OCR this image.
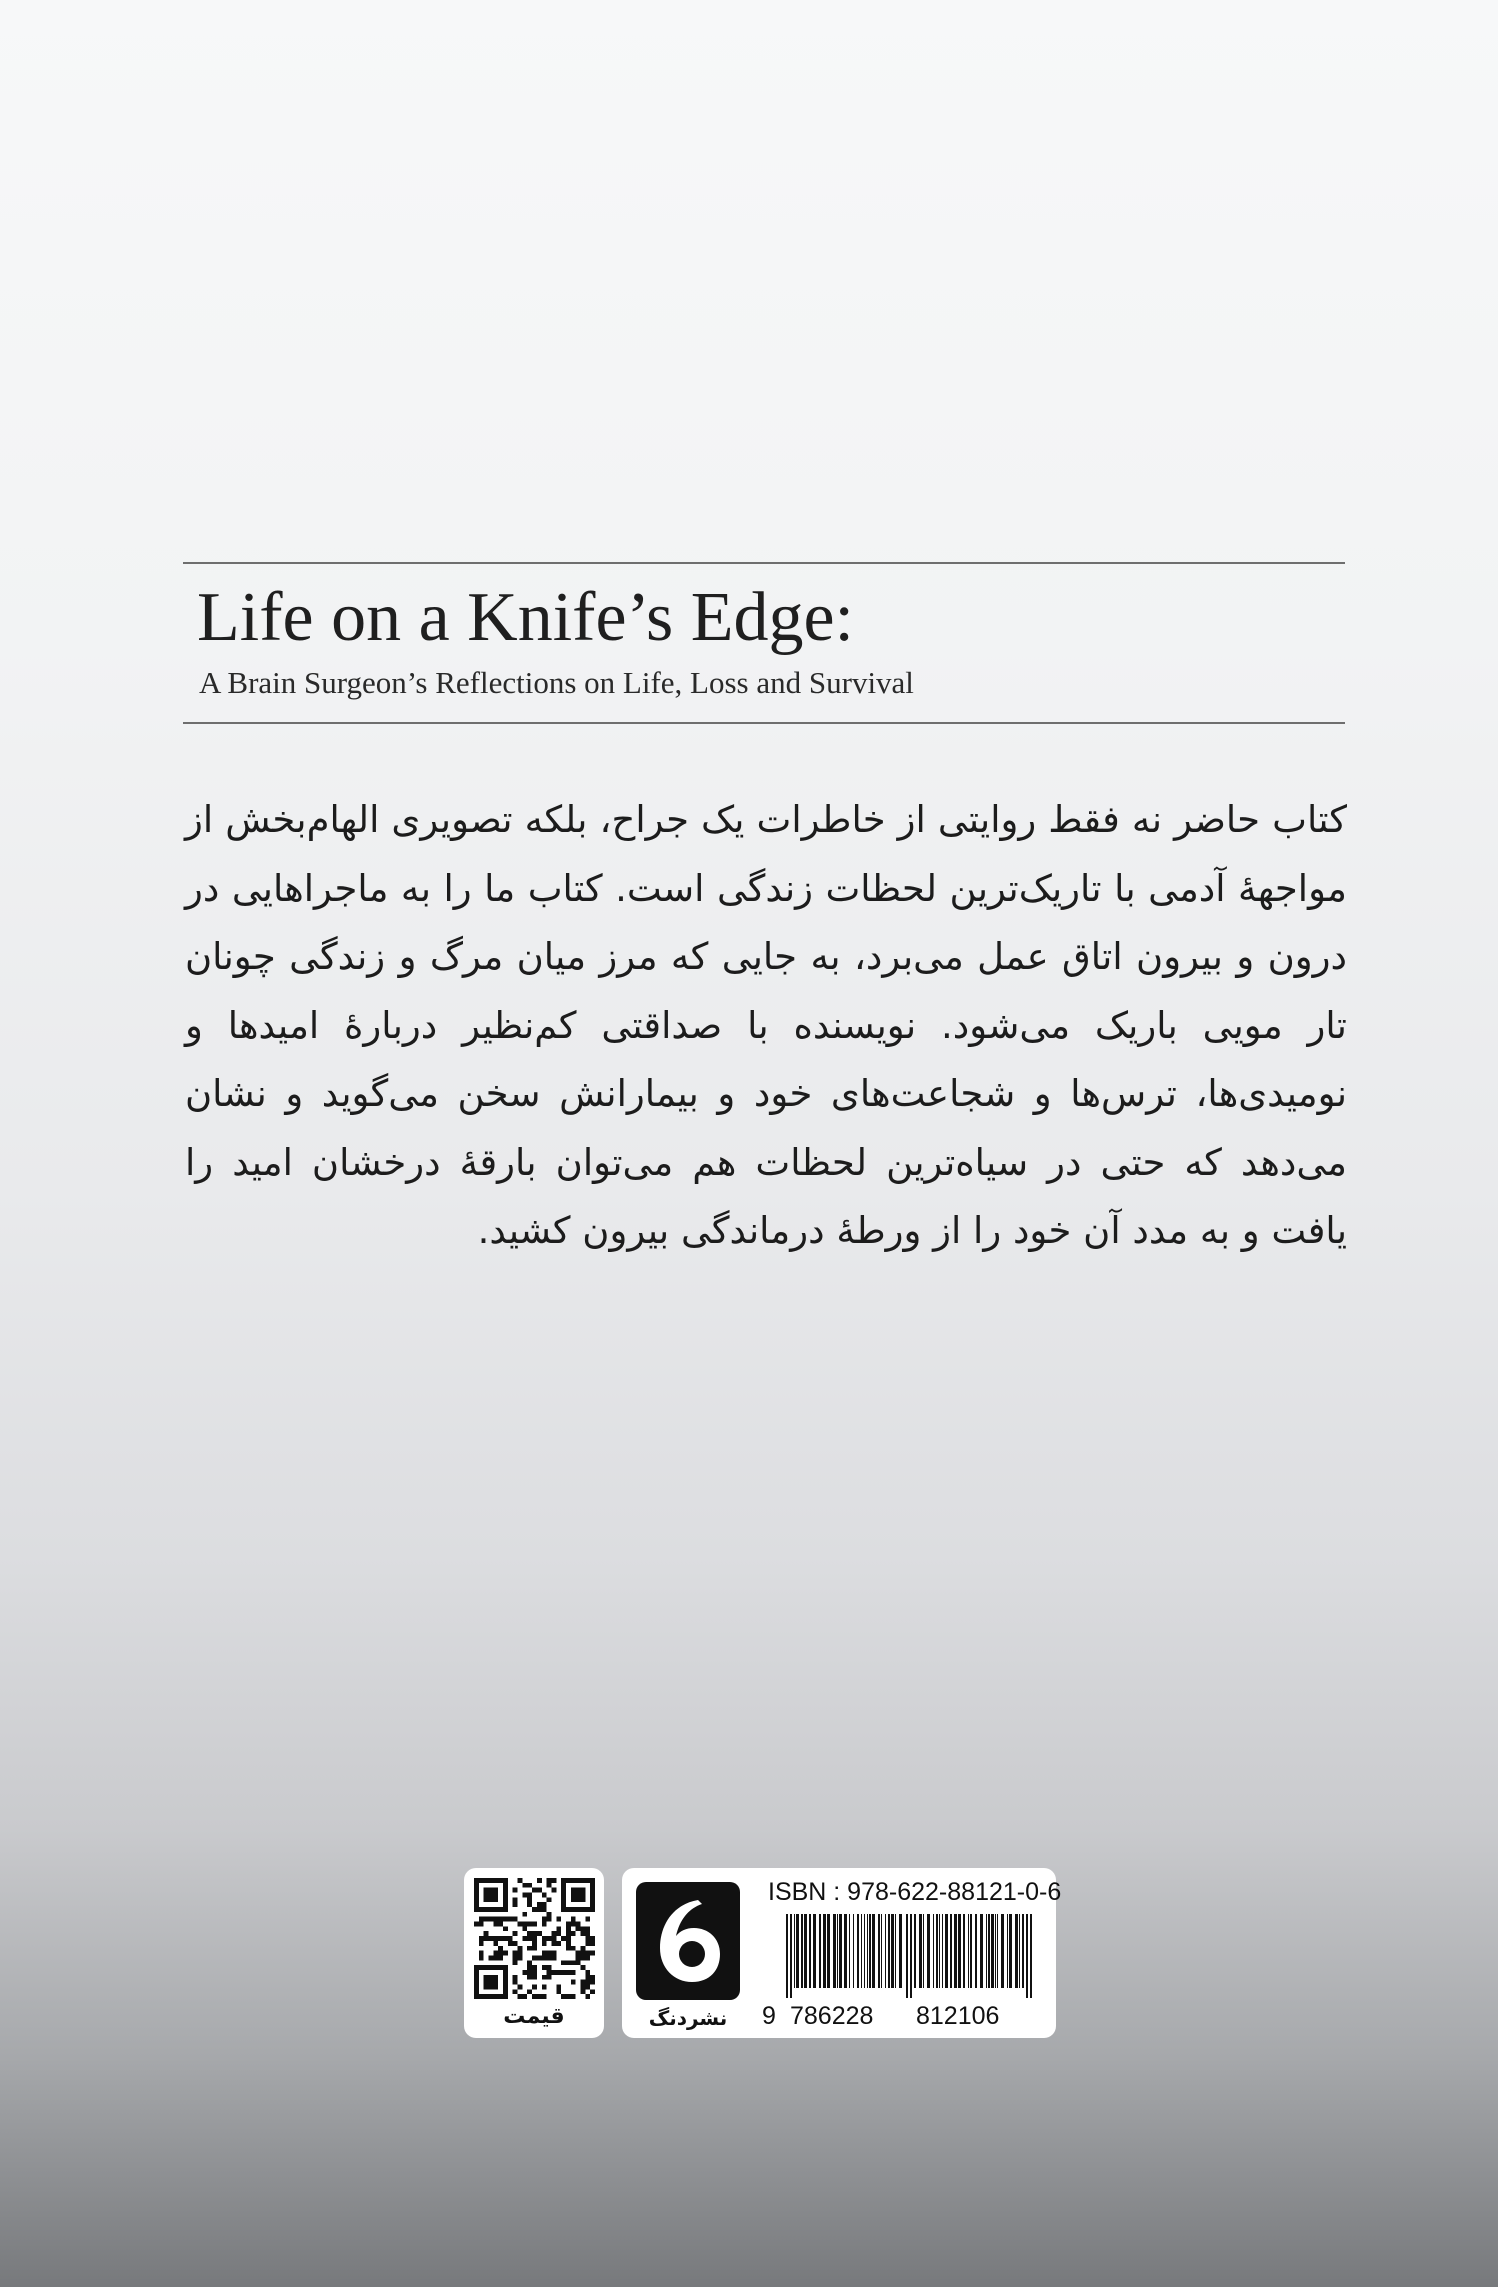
Life on a Knife’s Edge:
A Brain Surgeon’s Reflections on Life, Loss and Survival

کتاب حاضر نه فقط روایتی از خاطرات یک جراح، بلکه تصویری الهام‌بخش از مواجههٔ آدمی با تاریک‌ترین لحظات زندگی است. کتاب ما را به ماجراهایی در درون و بیرون اتاق عمل می‌برد، به جایی که مرز میان مرگ و زندگی چونان تار مویی باریک می‌شود. نویسنده با صداقتی کم‌نظیر دربارهٔ امیدها و نومیدی‌ها، ترس‌ها و شجاعت‌های خود و بیمارانش سخن می‌گوید و نشان می‌دهد که حتی در سیاه‌ترین لحظات هم می‌توان بارقهٔ درخشان امید را یافت و به مدد آن خود را از ورطهٔ درماندگی بیرون کشید.

قیمت	نشردنگ
ISBN : 978-622-88121-0-6
9 786228 812106
